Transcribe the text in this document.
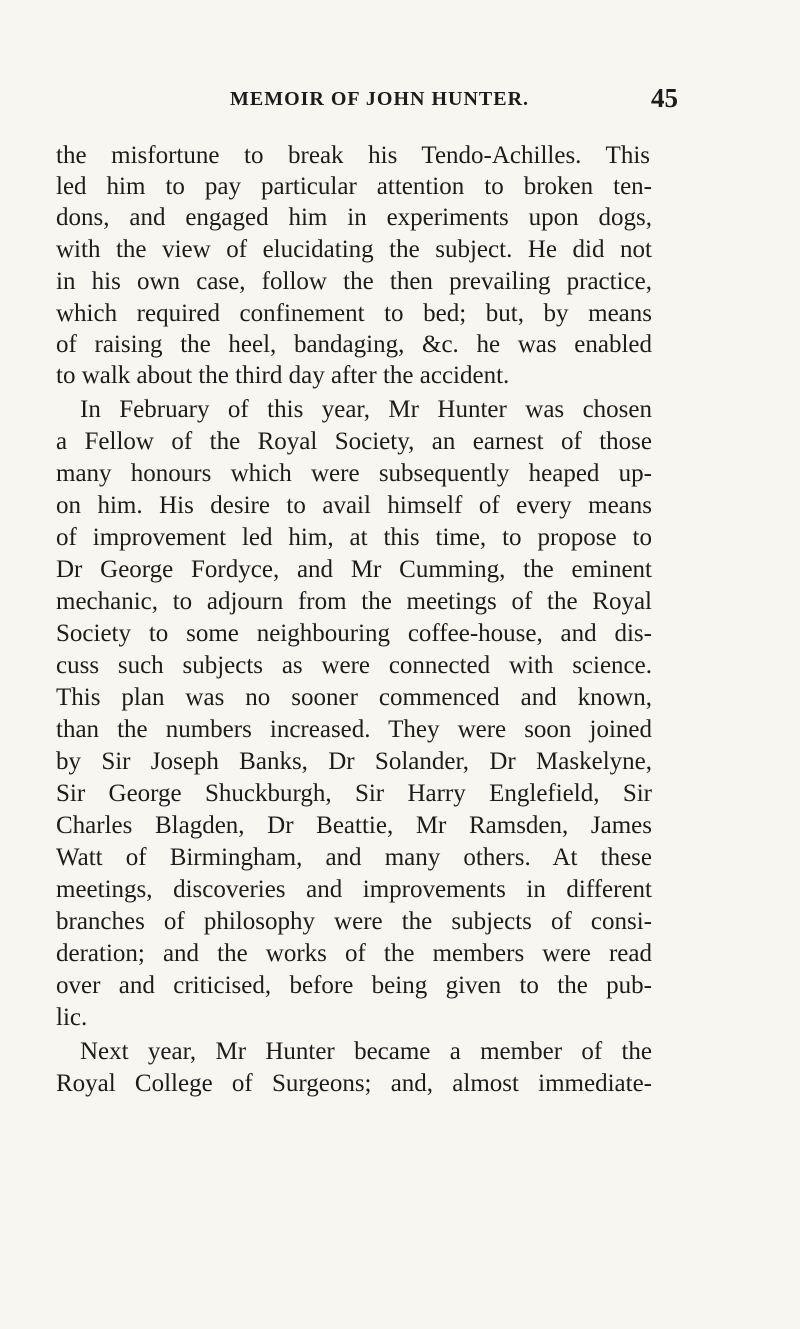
MEMOIR OF JOHN HUNTER.	45
the misfortune to break his Tendo-Achilles. This
led him to pay particular attention to broken ten-
dons, and engaged him in experiments upon dogs,
with the view of elucidating the subject. He did not
in his own case, follow the then prevailing practice,
which required confinement to bed; but, by means
of raising the heel, bandaging, &c. he was enabled
to walk about the third day after the accident.
In February of this year, Mr Hunter was chosen
a Fellow of the Royal Society, an earnest of those
many honours which were subsequently heaped up-
on him. His desire to avail himself of every means
of improvement led him, at this time, to propose to
Dr George Fordyce, and Mr Cumming, the eminent
mechanic, to adjourn from the meetings of the Royal
Society to some neighbouring coffee-house, and dis-
cuss such subjects as were connected with science.
This plan was no sooner commenced and known,
than the numbers increased. They were soon joined
by Sir Joseph Banks, Dr Solander, Dr Maskelyne,
Sir George Shuckburgh, Sir Harry Englefield, Sir
Charles Blagden, Dr Beattie, Mr Ramsden, James
Watt of Birmingham, and many others. At these
meetings, discoveries and improvements in different
branches of philosophy were the subjects of consi-
deration; and the works of the members were read
over and criticised, before being given to the pub-
lic.
Next year, Mr Hunter became a member of the
Royal College of Surgeons; and, almost immediate-
